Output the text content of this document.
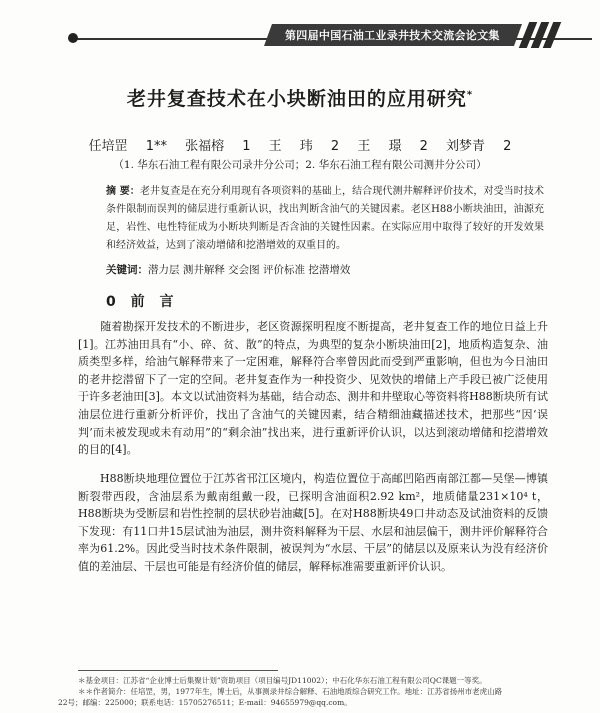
第四届中国石油工业录井技术交流会论文集
老井复查技术在小块断油田的应用研究*
任培罡 1** 张福榕 1 王 玮 2 王 璟 2 刘梦青 2
（1. 华东石油工程有限公司录井分公司；2. 华东石油工程有限公司测井分公司）
摘 要：老井复查是在充分利用现有各项资料的基础上，结合现代测井解释评价技术，对受当时技术条件限制而误判的储层进行重新认识，找出判断含油气的关键因素。老区H88小断块油田，油源充足，岩性、电性特征成为小断块判断是否含油的关键性因素。在实际应用中取得了较好的开发效果和经济效益，达到了滚动增储和挖潜增效的双重目的。
关键词：潜力层 测井解释 交会图 评价标准 挖潜增效
0 前 言
随着勘探开发技术的不断进步，老区资源探明程度不断提高，老井复查工作的地位日益上升[1]。江苏油田具有“小、碎、贫、散”的特点，为典型的复杂小断块油田[2]，地质构造复杂、油质类型多样，给油气解释带来了一定困难，解释符合率曾因此而受到严重影响，但也为今日油田的老井挖潜留下了一定的空间。老井复查作为一种投资少、见效快的增储上产手段已被广泛使用于许多老油田[3]。本文以试油资料为基础，结合动态、测井和井壁取心等资料将H88断块所有试油层位进行重新分析评价，找出了含油气的关键因素，结合精细油藏描述技术，把那些“因‘误判’而未被发现或未有动用”的“剩余油”找出来，进行重新评价认识，以达到滚动增储和挖潜增效的目的[4]。
H88断块地理位置位于江苏省邗江区境内，构造位置位于高邮凹陷西南部江都—吴堡—博镇断裂带西段，含油层系为戴南组戴一段，已探明含油面积2.92 km²，地质储量231×10⁴ t，H88断块为受断层和岩性控制的层状砂岩油藏[5]。在对H88断块49口井动态及试油资料的反馈下发现：有11口井15层试油为油层，测井资料解释为干层、水层和油层偏干，测井评价解释符合率为61.2%。因此受当时技术条件限制，被误判为“水层、干层”的储层以及原来认为没有经济价值的差油层、干层也可能是有经济价值的储层，解释标准需要重新评价认识。
＊基金项目：江苏省“企业博士后集聚计划”资助项目（项目编号JD11002）；中石化华东石油工程有限公司QC课题一等奖。
＊＊作者简介：任培罡，男，1977年生，博士后，从事测录井综合解释、石油地质综合研究工作。地址：江苏省扬州市老虎山路
22号；邮编：225000；联系电话：15705276511；E-mail：94655979@qq.com。
